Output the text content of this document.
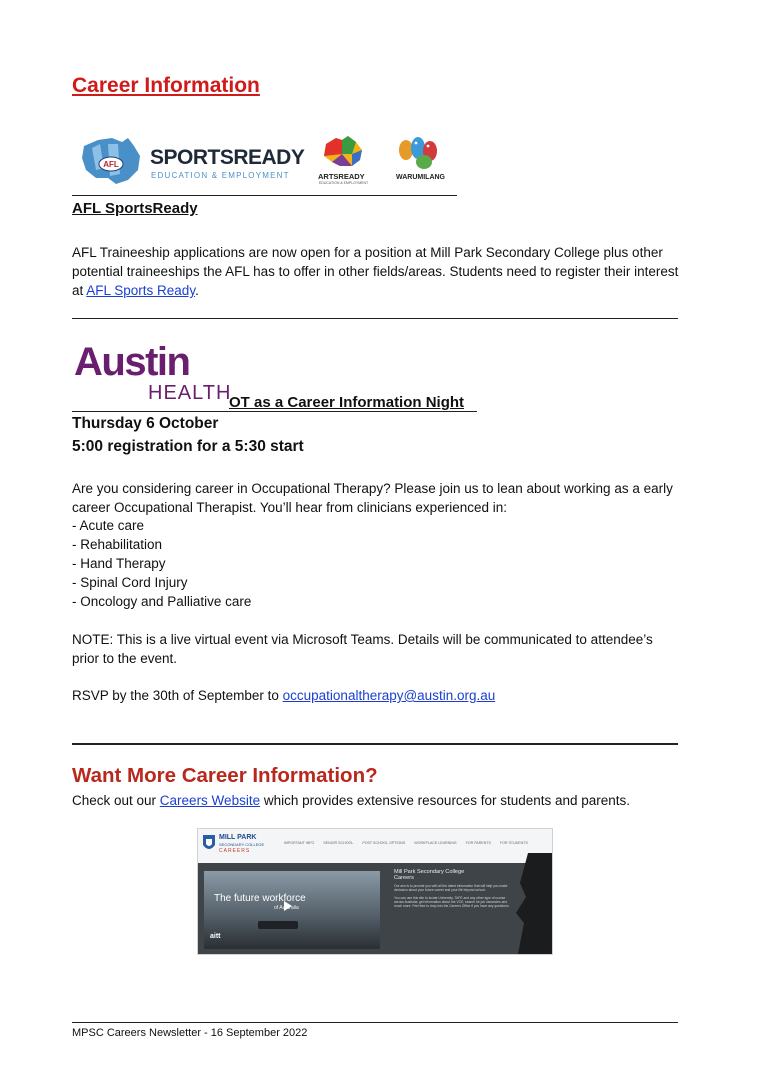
Career Information
AFL SPORTSREADY
EDUCATION & EMPLOYMENT	ARTSREADY
EDUCATION & EMPLOYMENT
WARUMILANG
AFL SportsReady

AFL Traineeship applications are now open for a position at Mill Park Secondary College plus other potential traineeships the AFL has to offer in other fields/areas. Students need to register their interest at AFL Sports Ready.

Austin
HEALTH
OT as a Career Information Night
Thursday 6 October
5:00 registration for a 5:30 start

Are you considering career in Occupational Therapy? Please join us to lean about working as a early career Occupational Therapist. You’ll hear from clinicians experienced in:

- Acute care
- Rehabilitation
- Hand Therapy
- Spinal Cord Injury
- Oncology and Palliative care

NOTE: This is a live virtual event via Microsoft Teams. Details will be communicated to attendee’s prior to the event.

RSVP by the 30th of September to occupationaltherapy@austin.org.au

Want More Career Information?

Check out our Careers Website which provides extensive resources for students and parents.

MILL PARK
SECONDARY COLLEGE
CAREERS
IMPORTANT INFO	SENIOR SCHOOL	POST SCHOOL OPTIONS	WORKPLACE LEARNING	FOR PARENTS	FOR STUDENTS
The future workforce
of Australia
aitt
Mill Park Secondary College
Careers
Our aim is to provide you with all the latest information that will help you make decisions about your future career and your life beyond school.
You can use this site to locate University, TAFE and any other type of course across Australia, get information about the VCE, search for job vacancies and much more. Feel free to drop into the Careers Office if you have any questions.
MPSC Careers Newsletter - 16 September 2022
